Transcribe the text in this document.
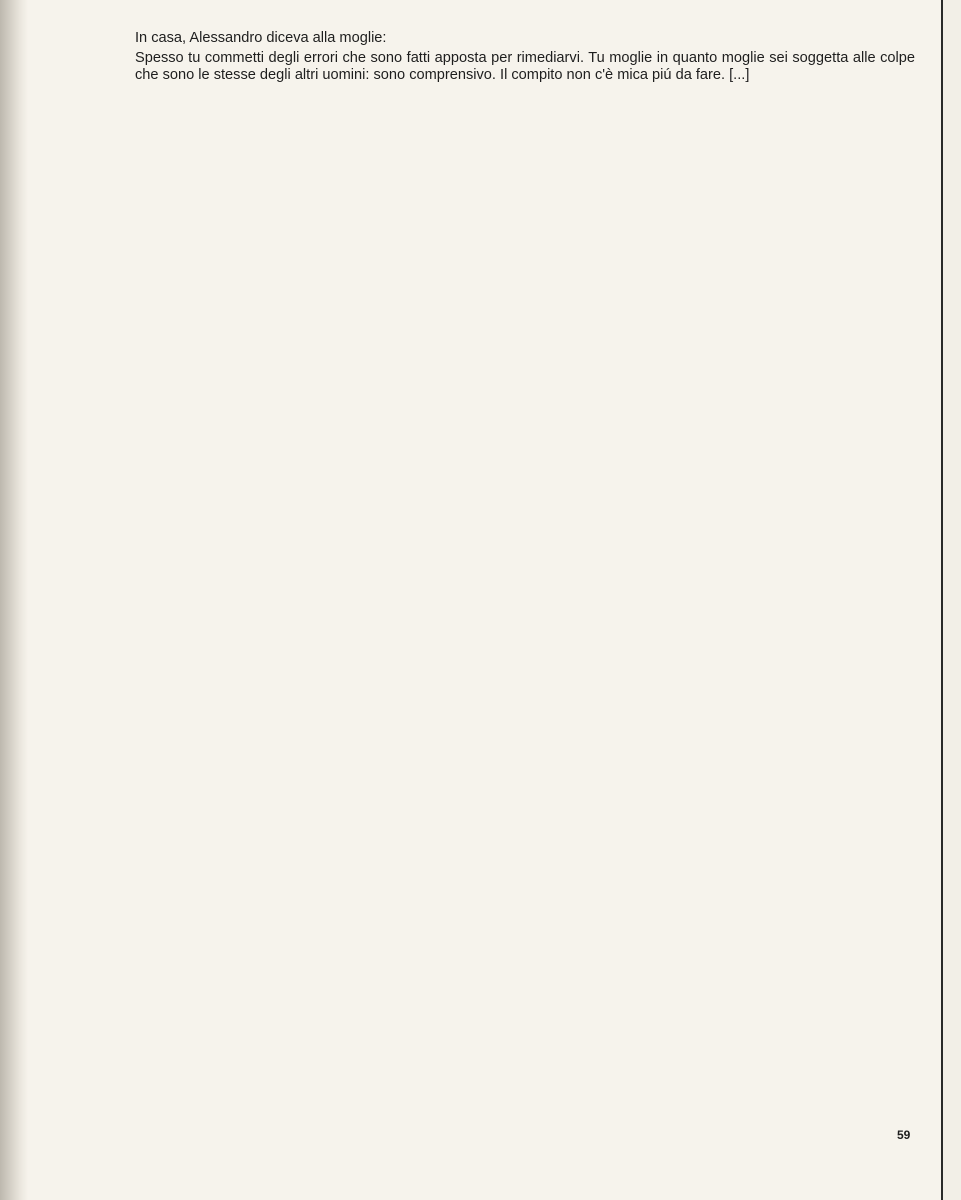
In casa, Alessandro diceva alla moglie:

Spesso tu commetti degli errori che sono fatti apposta per rimediarvi. Tu moglie in quanto moglie sei soggetta alle colpe che sono le stesse degli altri uomini: sono comprensivo. Il compito non c'è mica piú da fare. [...]

59
